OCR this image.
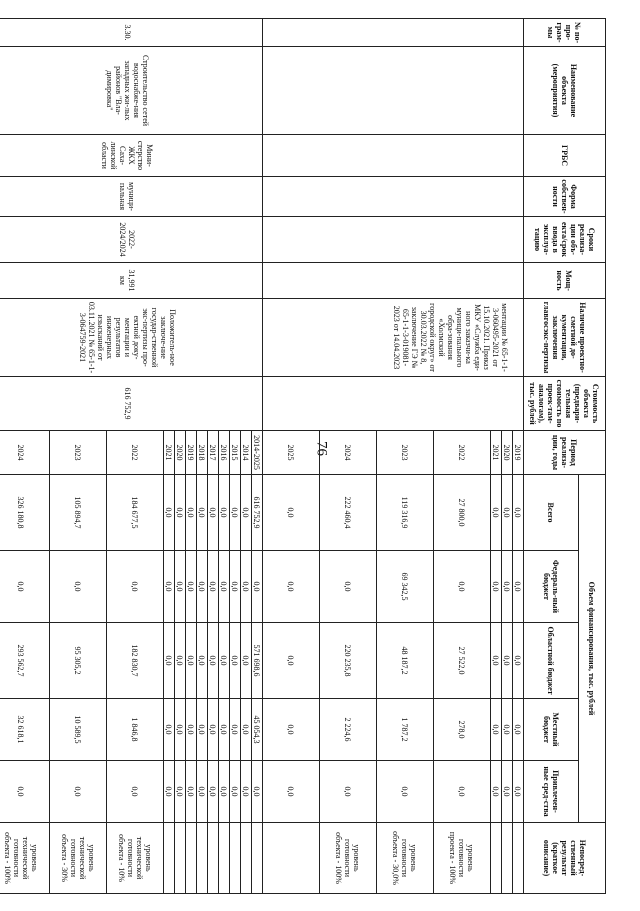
76
№ по-про-грам-мы	Наименование объекта (мероприятия)	ГРБС	Форма собствен-ности	Сроки реализа-ции объ-екта/срок ввода в эксплуа-тацию	Мощ-ность	Наличие проектно-сметной до-кументации, заключения главгосэкс-пертизы	Стоимость объекта (предвари-тельная стоимость по проек-там-аналогам), тыс. рублей	Период реализа-ции, годы	Объем финансирования, тыс. рублей					Непосред-ственный результат (краткое описание)
									Всего	Федераль-ный бюджет	Областной бюджет	Местный бюджет	Привлечен-ные сред-ства	

						ментации № 65-1-1-3-060495-2021 от 15.10.2021. Приказ МКУ «Служба еди-ного заказчи-ка муници-пального обра-зования «Холмский городской округ» от 30.03.2022 № 8, заключение ГЭ № 65-1-1-3-019081-2023 от 14.04.2023		2019	0,0	0,0	0,0	0,0	0,0	
								2020	0,0	0,0	0,0	0,0	0,0	
								2021	0,0	0,0	0,0	0,0	0,0	
								2022	27 800,0	0,0	27 522,0	278,0	0,0	уровень готовности проекта - 100%
								2023	119 316,9	69 342,5	48 187,2	1 787,2	0,0	уровень готовности объекта - 30,0%
								2024	222 460,4	0,0	220 235,8	2 224,6	0,0	уровень готовности объекта - 100%
								2025	0,0	0,0	0,0	0,0	0,0	
3.30.	Строительство сетей водоснабже-ния западных жи-лых районов "Вла-димировка"	Мини-стерство ЖКХ Саха-линской области	муници-пальная	2022-2024/2024	31,991 км	Положитель-ное заключе-ние государ-ственной экс-пертизы про-ектной доку-ментации и результатов инженерных изысканий от 03.11.2021 № 65-1-1-3-064759-2021	616 752,9	2014-2025	616 752,9	0,0	571 698,6	45 054,3	0,0	
								2014	0,0	0,0	0,0	0,0	0,0	
								2015	0,0	0,0	0,0	0,0	0,0	
								2016	0,0	0,0	0,0	0,0	0,0	
								2017	0,0	0,0	0,0	0,0	0,0	
								2018	0,0	0,0	0,0	0,0	0,0	
								2019	0,0	0,0	0,0	0,0	0,0	
								2020	0,0	0,0	0,0	0,0	0,0	
								2021	0,0	0,0	0,0	0,0	0,0	
								2022	184 677,5	0,0	182 830,7	1 846,8	0,0	уровень технической готовности объекта - 10%
								2023	105 894,7	0,0	95 305,2	10 589,5	0,0	уровень технической готовности объекта - 30%
								2024	326 180,8	0,0	293 562,7	32 618,1	0,0	уровень технической готовности объекта - 100%
